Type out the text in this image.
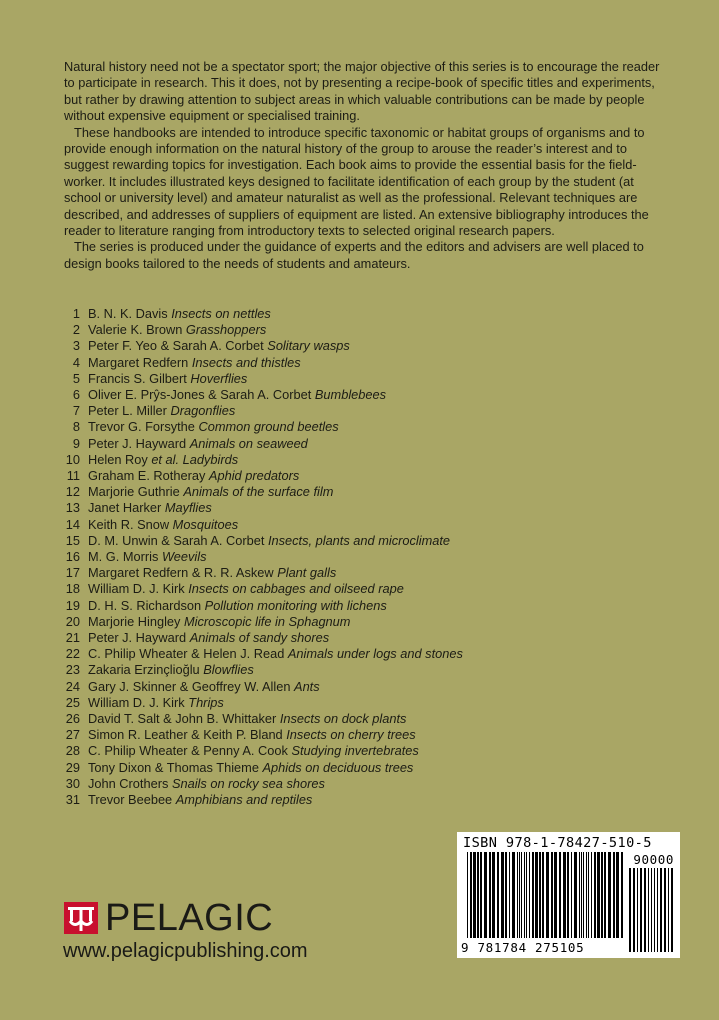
Natural history need not be a spectator sport; the major objective of this series is to encourage the reader to participate in research. This it does, not by presenting a recipe-book of specific titles and experiments, but rather by drawing attention to subject areas in which valuable contributions can be made by people without expensive equipment or specialised training.

These handbooks are intended to introduce specific taxonomic or habitat groups of organisms and to provide enough information on the natural history of the group to arouse the reader’s interest and to suggest rewarding topics for investigation. Each book aims to provide the essential basis for the field-worker. It includes illustrated keys designed to facilitate identification of each group by the student (at school or university level) and amateur naturalist as well as the professional. Relevant techniques are described, and addresses of suppliers of equipment are listed. An extensive bibliography introduces the reader to literature ranging from introductory texts to selected original research papers.

The series is produced under the guidance of experts and the editors and advisers are well placed to design books tailored to the needs of students and amateurs.

1 B. N. K. Davis
Insects on nettles
2 Valerie K. Brown
Grasshoppers
3 Peter F. Yeo & Sarah A. Corbet
Solitary wasps
4 Margaret Redfern
Insects and thistles
5 Francis S. Gilbert
Hoverflies
6 Oliver E. Prŷs-Jones & Sarah A. Corbet
Bumblebees
7 Peter L. Miller
Dragonflies
8 Trevor G. Forsythe
Common ground beetles
9 Peter J. Hayward
Animals on seaweed
10 Helen Roy
et al. Ladybirds
11 Graham E. Rotheray
Aphid predators
12 Marjorie Guthrie
Animals of the surface film
13 Janet Harker
Mayflies
14 Keith R. Snow
Mosquitoes
15 D. M. Unwin & Sarah A. Corbet
Insects, plants and microclimate
16 M. G. Morris
Weevils
17 Margaret Redfern & R. R. Askew
Plant galls
18 William D. J. Kirk
Insects on cabbages and oilseed rape
19 D. H. S. Richardson
Pollution monitoring with lichens
20 Marjorie Hingley
Microscopic life in Sphagnum
21 Peter J. Hayward
Animals of sandy shores
22 C. Philip Wheater & Helen J. Read
Animals under logs and stones
23 Zakaria Erzinçlioğlu
Blowflies
24 Gary J. Skinner & Geoffrey W. Allen
Ants
25 William D. J. Kirk
Thrips
26 David T. Salt & John B. Whittaker
Insects on dock plants
27 Simon R. Leather & Keith P. Bland
Insects on cherry trees
28 C. Philip Wheater & Penny A. Cook
Studying invertebrates
29 Tony Dixon & Thomas Thieme
Aphids on deciduous trees
30 John Crothers
Snails on rocky sea shores
31 Trevor Beebee
Amphibians and reptiles
PELAGIC
www.pelagicpublishing.com
ISBN 978-1-78427-510-5
90000
9 781784 275105
